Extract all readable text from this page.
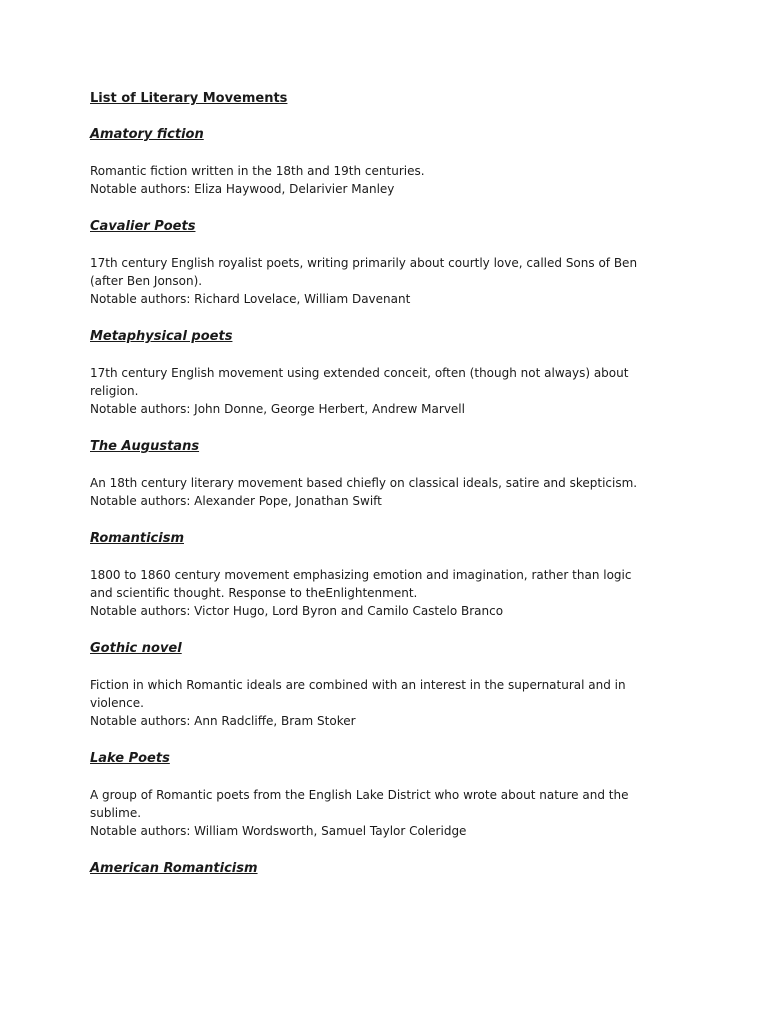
List of Literary Movements
Amatory fiction

Romantic fiction written in the 18th and 19th centuries.

Notable authors: Eliza Haywood, Delarivier Manley

Cavalier Poets

17th century English royalist poets, writing primarily about courtly love, called Sons of Ben
(after Ben Jonson).

Notable authors: Richard Lovelace, William Davenant

Metaphysical poets

17th century English movement using extended conceit, often (though not always) about
religion.

Notable authors: John Donne, George Herbert, Andrew Marvell

The Augustans

An 18th century literary movement based chiefly on classical ideals, satire and skepticism.

Notable authors: Alexander Pope, Jonathan Swift

Romanticism

1800 to 1860 century movement emphasizing emotion and imagination, rather than logic
and scientific thought. Response to theEnlightenment.

Notable authors: Victor Hugo, Lord Byron and Camilo Castelo Branco

Gothic novel

Fiction in which Romantic ideals are combined with an interest in the supernatural and in
violence.

Notable authors: Ann Radcliffe, Bram Stoker

Lake Poets

A group of Romantic poets from the English Lake District who wrote about nature and the
sublime.

Notable authors: William Wordsworth, Samuel Taylor Coleridge

American Romanticism
